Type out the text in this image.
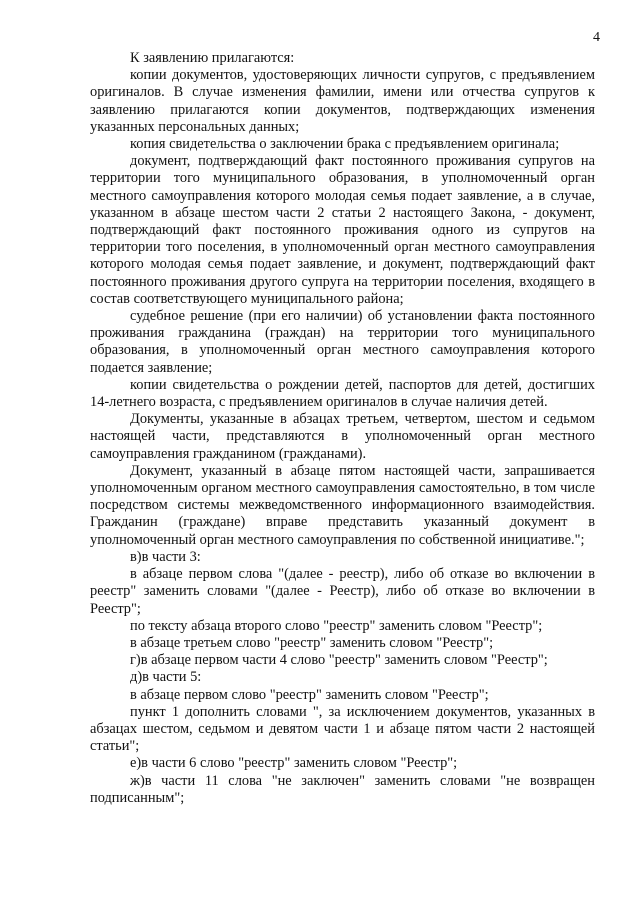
4

К заявлению прилагаются:

копии документов, удостоверяющих личности супругов, с предъявлением оригиналов. В случае изменения фамилии, имени или отчества супругов к заявлению прилагаются копии документов, подтверждающих изменения указанных персональных данных;

копия свидетельства о заключении брака с предъявлением оригинала;

документ, подтверждающий факт постоянного проживания супругов на территории того муниципального образования, в уполномоченный орган местного самоуправления которого молодая семья подает заявление, а в случае, указанном в абзаце шестом части 2 статьи 2 настоящего Закона, - документ, подтверждающий факт постоянного проживания одного из супругов на территории того поселения, в уполномоченный орган местного самоуправления которого молодая семья подает заявление, и документ, подтверждающий факт постоянного проживания другого супруга на территории поселения, входящего в состав соответствующего муниципального района;

судебное решение (при его наличии) об установлении факта постоянного проживания гражданина (граждан) на территории того муниципального образования, в уполномоченный орган местного самоуправления которого подается заявление;

копии свидетельства о рождении детей, паспортов для детей, достигших 14-летнего возраста, с предъявлением оригиналов в случае наличия детей.

Документы, указанные в абзацах третьем, четвертом, шестом и седьмом настоящей части, представляются в уполномоченный орган местного самоуправления гражданином (гражданами).

Документ, указанный в абзаце пятом настоящей части, запрашивается уполномоченным органом местного самоуправления самостоятельно, в том числе посредством системы межведомственного информационного взаимодействия. Гражданин (граждане) вправе представить указанный документ в уполномоченный орган местного самоуправления по собственной инициативе.";

в)в части 3:

в абзаце первом слова "(далее - реестр), либо об отказе во включении в реестр" заменить словами "(далее - Реестр), либо об отказе во включении в Реестр";

по тексту абзаца второго слово "реестр" заменить словом "Реестр";

в абзаце третьем слово "реестр" заменить словом "Реестр";

г)в абзаце первом части 4 слово "реестр" заменить словом "Реестр";

д)в части 5:

в абзаце первом слово "реестр" заменить словом "Реестр";

пункт 1 дополнить словами ", за исключением документов, указанных в абзацах шестом, седьмом и девятом части 1 и абзаце пятом части 2 настоящей статьи";

е)в части 6 слово "реестр" заменить словом "Реестр";

ж)в части 11 слова "не заключен" заменить словами "не возвращен подписанным";
